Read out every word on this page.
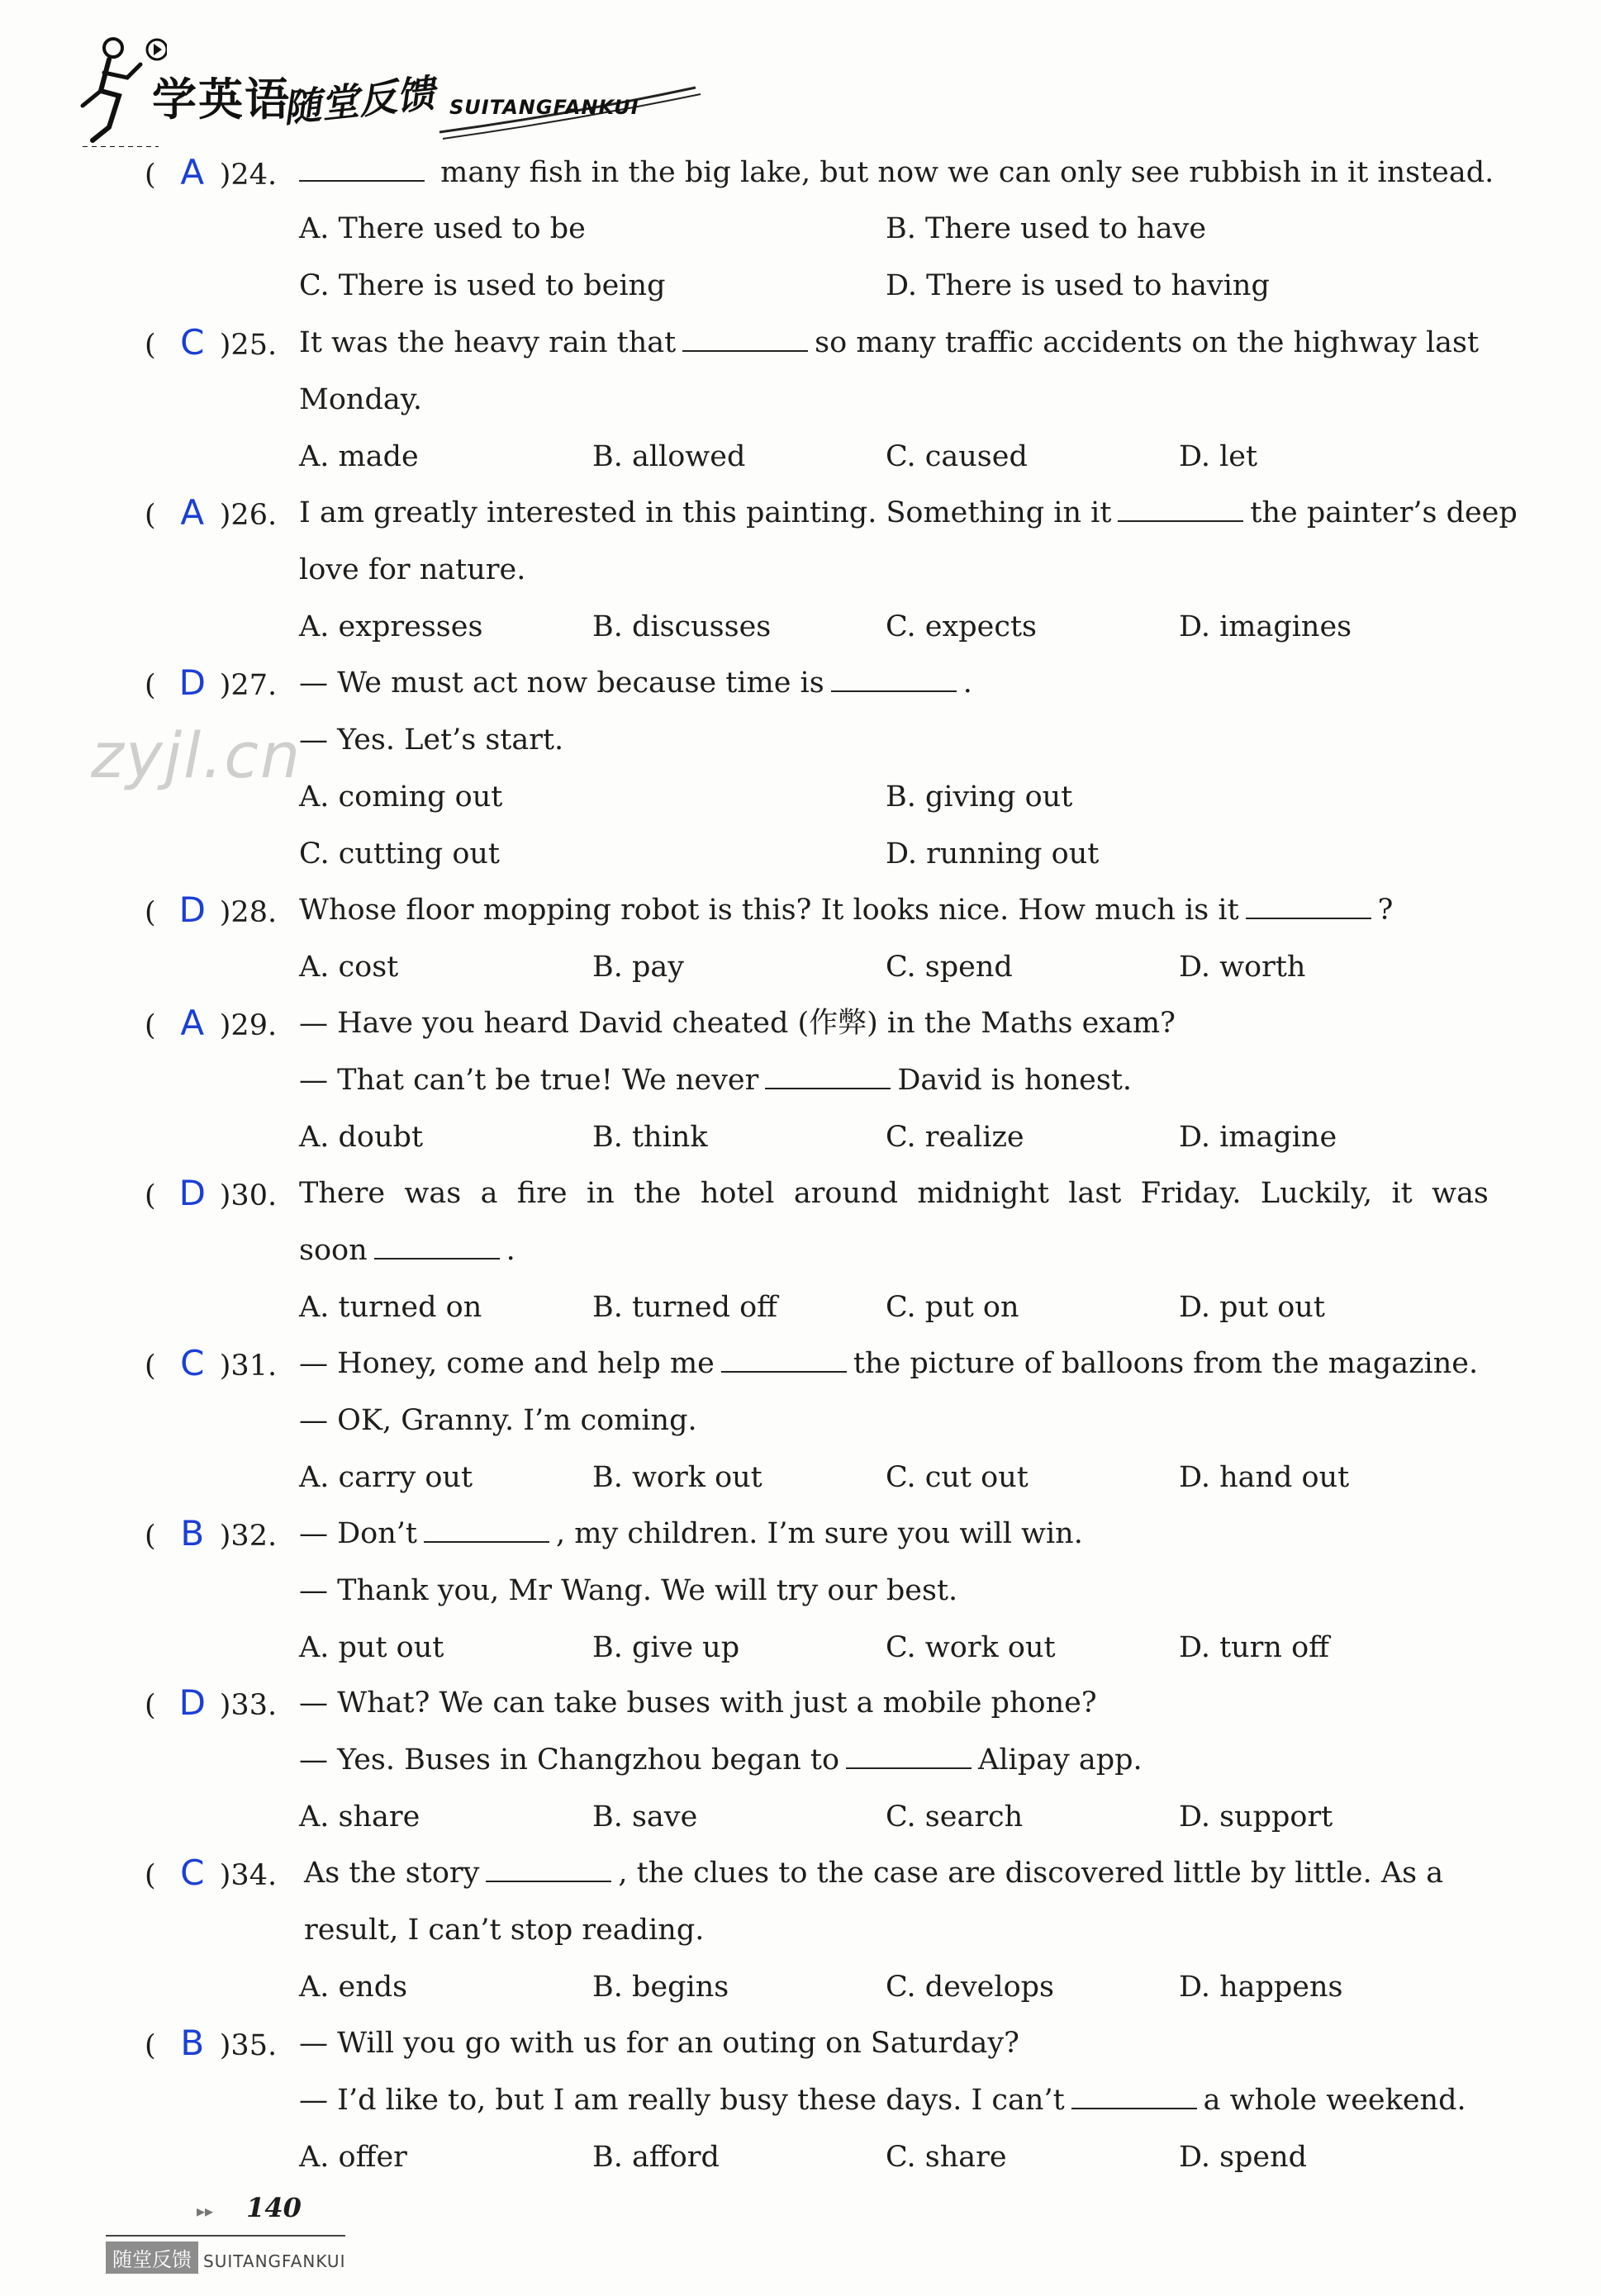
学英语
随堂反馈 SUITANGFANKUI
zyjl.cn
( A )24.	many fish in the big lake, but now we can only see rubbish in it instead.
A. There used to be	B. There used to have
C. There is used to being	D. There is used to having
( C )25. It was the heavy rain that	so many traffic accidents on the highway last
Monday.
A. made	B. allowed	C. caused	D. let
( A )26. I am greatly interested in this painting. Something in it	the painter’s deep
love for nature.
A. expresses	B. discusses	C. expects	D. imagines
( D )27. — We must act now because time is	.
— Yes. Let’s start.
A. coming out	B. giving out
C. cutting out	D. running out
( D )28. Whose floor mopping robot is this? It looks nice. How much is it	?
A. cost	B. pay	C. spend	D. worth
( A )29. — Have you heard David cheated (作弊) in the Maths exam?
— That can’t be true! We never	David is honest.
A. doubt	B. think	C. realize	D. imagine
( D )30. There was a fire in the hotel around midnight last Friday. Luckily, it was
soon	.
A. turned on	B. turned off	C. put on	D. put out
( C )31. — Honey, come and help me	the picture of balloons from the magazine.
— OK, Granny. I’m coming.
A. carry out	B. work out	C. cut out	D. hand out
( B )32. — Don’t	, my children. I’m sure you will win.
— Thank you, Mr Wang. We will try our best.
A. put out	B. give up	C. work out	D. turn off
( D )33. — What? We can take buses with just a mobile phone?
— Yes. Buses in Changzhou began to	Alipay app.
A. share	B. save	C. search	D. support
( C )34. As the story	, the clues to the case are discovered little by little. As a
result, I can’t stop reading.
A. ends	B. begins	C. develops	D. happens
( B )35. — Will you go with us for an outing on Saturday?
— I’d like to, but I am really busy these days. I can’t	a whole weekend.
A. offer	B. afford	C. share	D. spend
▸▸ 140
随堂反馈 SUITANGFANKUI
